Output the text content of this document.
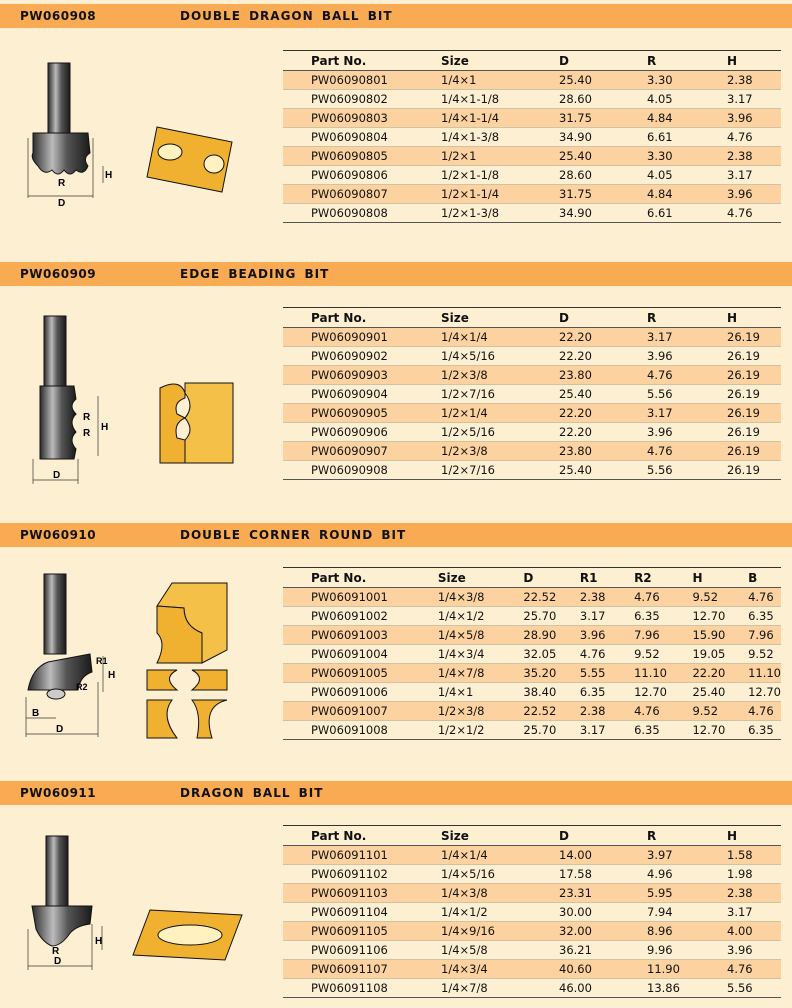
PW060908	DOUBLE DRAGON BALL BIT
R
H
D
Part No.	Size	D	R	H
PW06090801	1/4×1	25.40	3.30	2.38
PW06090802	1/4×1-1/8	28.60	4.05	3.17
PW06090803	1/4×1-1/4	31.75	4.84	3.96
PW06090804	1/4×1-3/8	34.90	6.61	4.76
PW06090805	1/2×1	25.40	3.30	2.38
PW06090806	1/2×1-1/8	28.60	4.05	3.17
PW06090807	1/2×1-1/4	31.75	4.84	3.96
PW06090808	1/2×1-3/8	34.90	6.61	4.76
PW060909	EDGE BEADING BIT
R
R
H
D
Part No.	Size	D	R	H
PW06090901	1/4×1/4	22.20	3.17	26.19
PW06090902	1/4×5/16	22.20	3.96	26.19
PW06090903	1/2×3/8	23.80	4.76	26.19
PW06090904	1/2×7/16	25.40	5.56	26.19
PW06090905	1/2×1/4	22.20	3.17	26.19
PW06090906	1/2×5/16	22.20	3.96	26.19
PW06090907	1/2×3/8	23.80	4.76	26.19
PW06090908	1/2×7/16	25.40	5.56	26.19
PW060910	DOUBLE CORNER ROUND BIT
R1
R2
H
B
D
Part No.	Size	D	R1	R2	H	B
PW06091001	1/4×3/8	22.52	2.38	4.76	9.52	4.76
PW06091002	1/4×1/2	25.70	3.17	6.35	12.70	6.35
PW06091003	1/4×5/8	28.90	3.96	7.96	15.90	7.96
PW06091004	1/4×3/4	32.05	4.76	9.52	19.05	9.52
PW06091005	1/4×7/8	35.20	5.55	11.10	22.20	11.10
PW06091006	1/4×1	38.40	6.35	12.70	25.40	12.70
PW06091007	1/2×3/8	22.52	2.38	4.76	9.52	4.76
PW06091008	1/2×1/2	25.70	3.17	6.35	12.70	6.35
PW060911	DRAGON BALL BIT
R
H
D
Part No.	Size	D	R	H
PW06091101	1/4×1/4	14.00	3.97	1.58
PW06091102	1/4×5/16	17.58	4.96	1.98
PW06091103	1/4×3/8	23.31	5.95	2.38
PW06091104	1/4×1/2	30.00	7.94	3.17
PW06091105	1/4×9/16	32.00	8.96	4.00
PW06091106	1/4×5/8	36.21	9.96	3.96
PW06091107	1/4×3/4	40.60	11.90	4.76
PW06091108	1/4×7/8	46.00	13.86	5.56
